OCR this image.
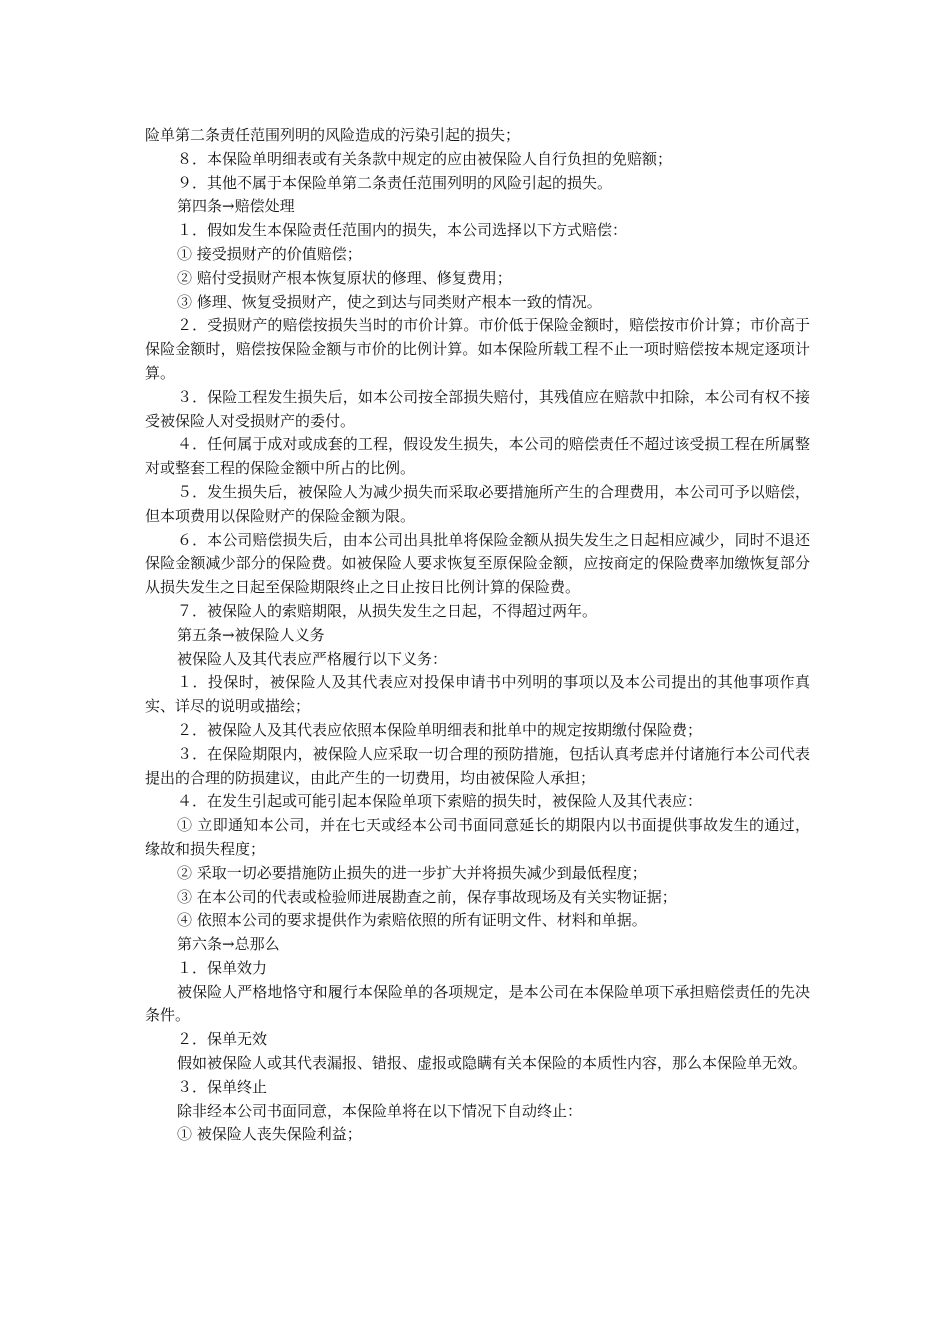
险单第二条责任范围列明的风险造成的污染引起的损失；

８．本保险单明细表或有关条款中规定的应由被保险人自行负担的免赔额；

９．其他不属于本保险单第二条责任范围列明的风险引起的损失。

第四条→赔偿处理

１．假如发生本保险责任范围内的损失，本公司选择以下方式赔偿：

① 接受损财产的价值赔偿；

② 赔付受损财产根本恢复原状的修理、修复费用；

③ 修理、恢复受损财产，使之到达与同类财产根本一致的情况。

２．受损财产的赔偿按损失当时的市价计算。市价低于保险金额时，赔偿按市价计算；市价高于保险金额时，赔偿按保险金额与市价的比例计算。如本保险所载工程不止一项时赔偿按本规定逐项计算。

３．保险工程发生损失后，如本公司按全部损失赔付，其残值应在赔款中扣除，本公司有权不接受被保险人对受损财产的委付。

４．任何属于成对或成套的工程，假设发生损失，本公司的赔偿责任不超过该受损工程在所属整对或整套工程的保险金额中所占的比例。

５．发生损失后，被保险人为减少损失而采取必要措施所产生的合理费用，本公司可予以赔偿，但本项费用以保险财产的保险金额为限。

６．本公司赔偿损失后，由本公司出具批单将保险金额从损失发生之日起相应减少，同时不退还保险金额减少部分的保险费。如被保险人要求恢复至原保险金额，应按商定的保险费率加缴恢复部分从损失发生之日起至保险期限终止之日止按日比例计算的保险费。

７．被保险人的索赔期限，从损失发生之日起，不得超过两年。

第五条→被保险人义务

被保险人及其代表应严格履行以下义务：

１．投保时，被保险人及其代表应对投保申请书中列明的事项以及本公司提出的其他事项作真实、详尽的说明或描绘；

２．被保险人及其代表应依照本保险单明细表和批单中的规定按期缴付保险费；

３．在保险期限内，被保险人应采取一切合理的预防措施，包括认真考虑并付诸施行本公司代表提出的合理的防损建议，由此产生的一切费用，均由被保险人承担；

４．在发生引起或可能引起本保险单项下索赔的损失时，被保险人及其代表应：

① 立即通知本公司，并在七天或经本公司书面同意延长的期限内以书面提供事故发生的通过，缘故和损失程度；

② 采取一切必要措施防止损失的进一步扩大并将损失减少到最低程度；

③ 在本公司的代表或检验师进展勘查之前，保存事故现场及有关实物证据；

④ 依照本公司的要求提供作为索赔依照的所有证明文件、材料和单据。

第六条→总那么

１．保单效力

被保险人严格地恪守和履行本保险单的各项规定，是本公司在本保险单项下承担赔偿责任的先决条件。

２．保单无效

假如被保险人或其代表漏报、错报、虚报或隐瞒有关本保险的本质性内容，那么本保险单无效。

３．保单终止

除非经本公司书面同意，本保险单将在以下情况下自动终止：

① 被保险人丧失保险利益；
